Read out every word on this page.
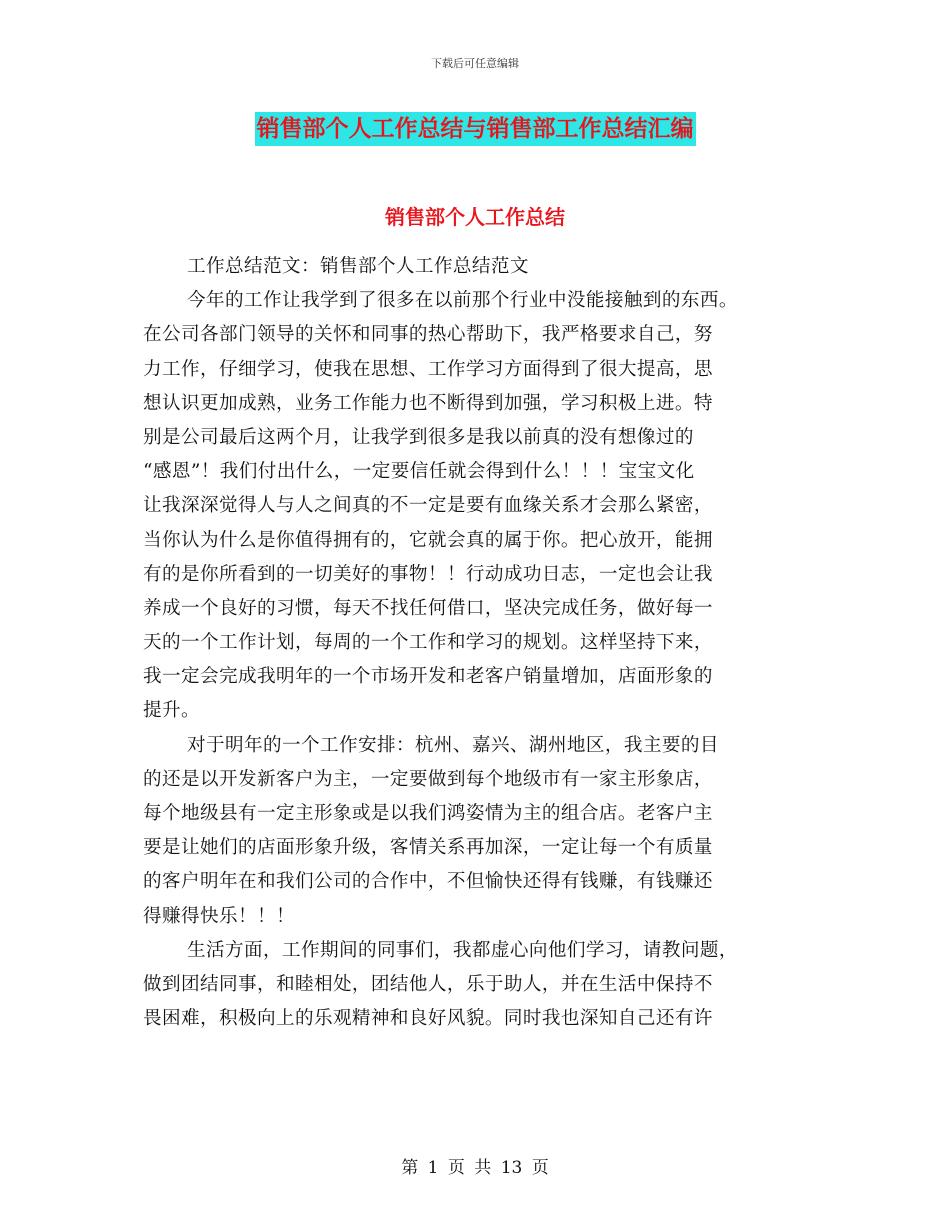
下载后可任意编辑
销售部个人工作总结与销售部工作总结汇编
销售部个人工作总结
工作总结范文：销售部个人工作总结范文
今年的工作让我学到了很多在以前那个行业中没能接触到的东西。
在公司各部门领导的关怀和同事的热心帮助下，我严格要求自己，努
力工作，仔细学习，使我在思想、工作学习方面得到了很大提高，思
想认识更加成熟，业务工作能力也不断得到加强，学习积极上进。特
别是公司最后这两个月，让我学到很多是我以前真的没有想像过的
“感恩”！我们付出什么，一定要信任就会得到什么！！！宝宝文化
让我深深觉得人与人之间真的不一定是要有血缘关系才会那么紧密，
当你认为什么是你值得拥有的，它就会真的属于你。把心放开，能拥
有的是你所看到的一切美好的事物！！行动成功日志，一定也会让我
养成一个良好的习惯，每天不找任何借口，坚决完成任务，做好每一
天的一个工作计划，每周的一个工作和学习的规划。这样坚持下来，
我一定会完成我明年的一个市场开发和老客户销量增加，店面形象的
提升。
对于明年的一个工作安排：杭州、嘉兴、湖州地区，我主要的目
的还是以开发新客户为主，一定要做到每个地级市有一家主形象店，
每个地级县有一定主形象或是以我们鸿姿情为主的组合店。老客户主
要是让她们的店面形象升级，客情关系再加深，一定让每一个有质量
的客户明年在和我们公司的合作中，不但愉快还得有钱赚，有钱赚还
得赚得快乐！！！
生活方面，工作期间的同事们，我都虚心向他们学习，请教问题，
做到团结同事，和睦相处，团结他人，乐于助人，并在生活中保持不
畏困难，积极向上的乐观精神和良好风貌。同时我也深知自己还有许
第 1 页 共 13 页
